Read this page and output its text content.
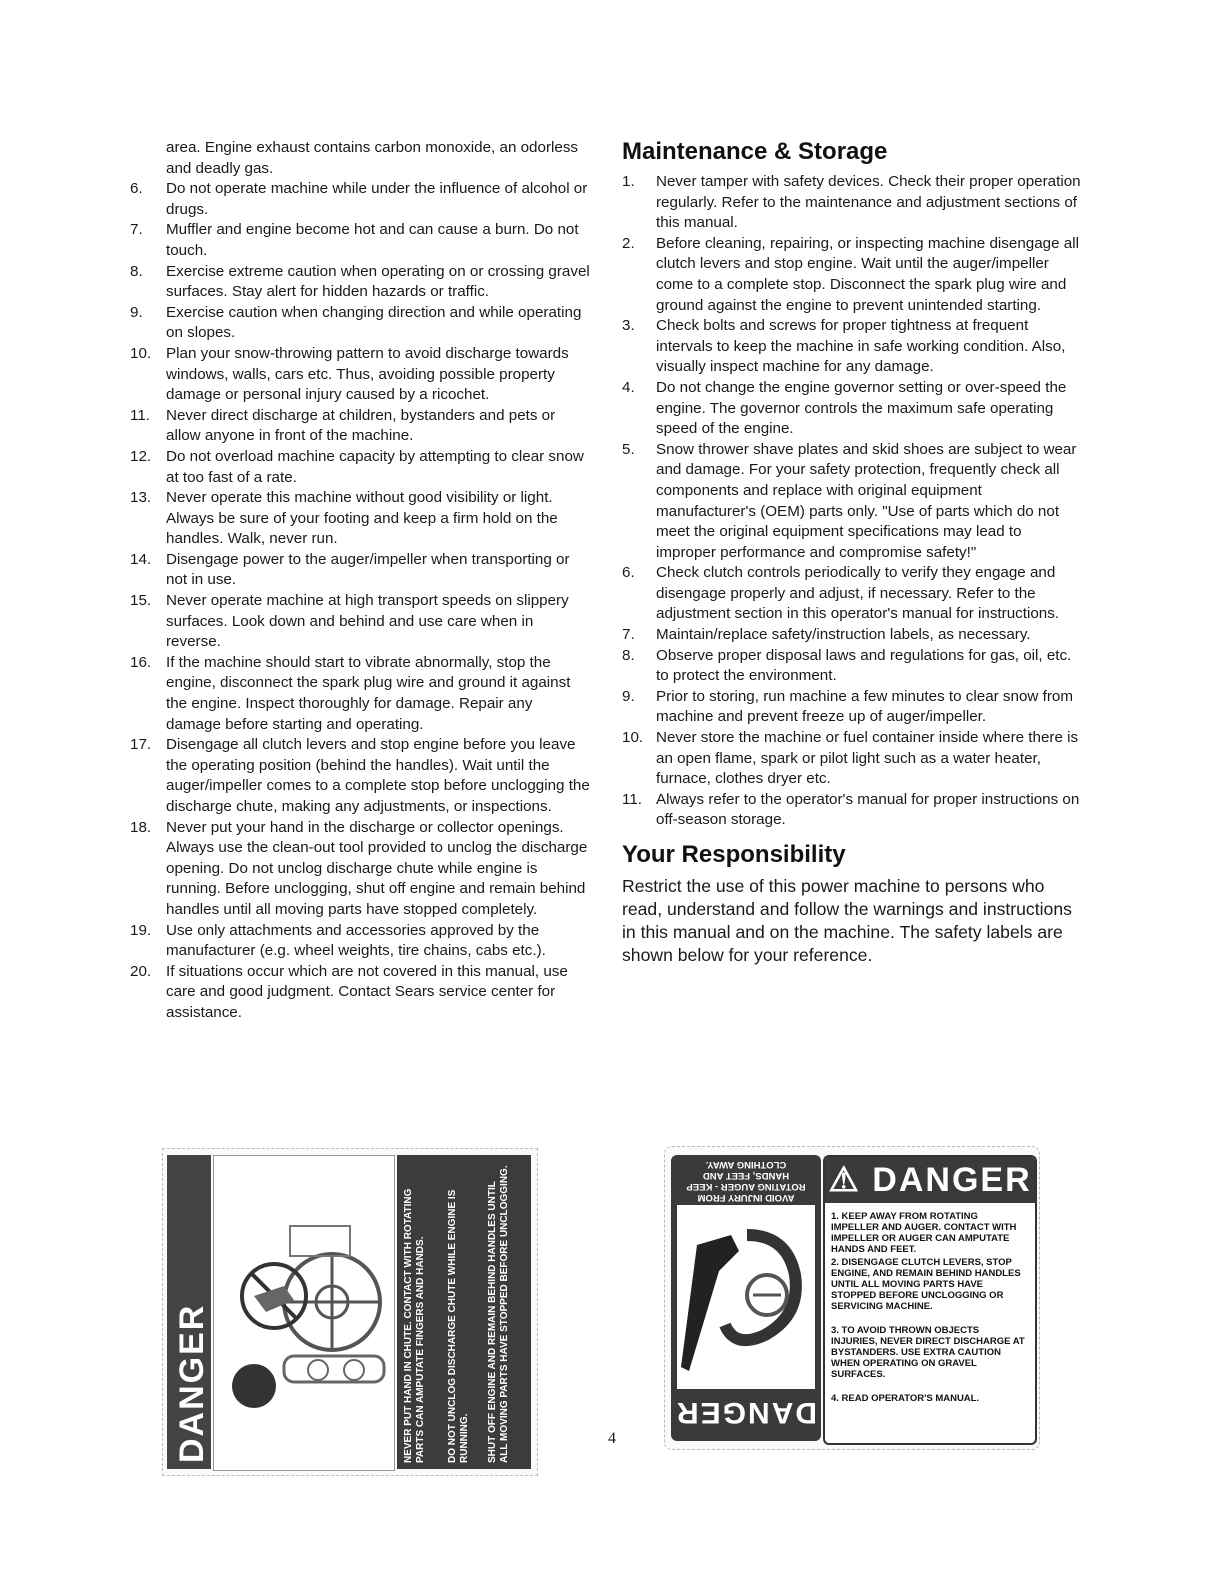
area. Engine exhaust contains carbon monoxide, an odorless and deadly gas.
6.	Do not operate machine while under the influence of alcohol or drugs.
7.	Muffler and engine become hot and can cause a burn. Do not touch.
8.	Exercise extreme caution when operating on or crossing gravel surfaces. Stay alert for hidden hazards or traffic.
9.	Exercise caution when changing direction and while operating on slopes.
10. Plan your snow-throwing pattern to avoid discharge towards windows, walls, cars etc. Thus, avoiding possible property damage or personal injury caused by a ricochet.
11.	Never direct discharge at children, bystanders and pets or allow anyone in front of the machine.
12. Do not overload machine capacity by attempting to clear snow at too fast of a rate.
13. Never operate this machine without good visibility or light. Always be sure of your footing and keep a firm hold on the handles. Walk, never run.
14. Disengage power to the auger/impeller when transporting or not in use.
15. Never operate machine at high transport speeds on slippery surfaces. Look down and behind and use care when in reverse.
16. If the machine should start to vibrate abnormally, stop the engine, disconnect the spark plug wire and ground it against the engine. Inspect thoroughly for damage. Repair any damage before starting and operating.
17. Disengage all clutch levers and stop engine before you leave the operating position (behind the handles). Wait until the auger/impeller comes to a complete stop before unclogging the discharge chute, making any adjustments, or inspections.
18. Never put your hand in the discharge or collector openings. Always use the clean-out tool provided to unclog the discharge opening. Do not unclog discharge chute while engine is running. Before unclogging, shut off engine and remain behind handles until all moving parts have stopped completely.
19. Use only attachments and accessories approved by the manufacturer (e.g. wheel weights, tire chains, cabs etc.).
20. If situations occur which are not covered in this manual, use care and good judgment. Contact Sears service center for assistance.
Maintenance & Storage
1.	Never tamper with safety devices. Check their proper operation regularly. Refer to the maintenance and adjustment sections of this manual.
2.	Before cleaning, repairing, or inspecting machine disengage all clutch levers and stop engine. Wait until the auger/impeller come to a complete stop. Disconnect the spark plug wire and ground against the engine to prevent unintended starting.
3.	Check bolts and screws for proper tightness at frequent intervals to keep the machine in safe working condition. Also, visually inspect machine for any damage.
4.	Do not change the engine governor setting or over-speed the engine. The governor controls the maximum safe operating speed of the engine.
5.	Snow thrower shave plates and skid shoes are subject to wear and damage. For your safety protection, frequently check all components and replace with original equipment manufacturer's (OEM) parts only. "Use of parts which do not meet the original equipment specifications may lead to improper performance and compromise safety!"
6.	Check clutch controls periodically to verify they engage and disengage properly and adjust, if necessary. Refer to the adjustment section in this operator's manual for instructions.
7.	Maintain/replace safety/instruction labels, as necessary.
8.	Observe proper disposal laws and regulations for gas, oil, etc. to protect the environment.
9.	Prior to storing, run machine a few minutes to clear snow from machine and prevent freeze up of auger/impeller.
10. Never store the machine or fuel container inside where there is an open flame, spark or pilot light such as a water heater, furnace, clothes dryer etc.
11. Always refer to the operator's manual for proper instructions on off-season storage.
Your Responsibility

Restrict the use of this power machine to persons who read, understand and follow the warnings and instructions in this manual and on the machine. The safety labels are shown below for your reference.

DANGER	NEVER PUT HAND IN CHUTE. CONTACT WITH ROTATING PARTS CAN AMPUTATE FINGERS AND HANDS. DO NOT UNCLOG DISCHARGE CHUTE WHILE ENGINE IS RUNNING. SHUT OFF ENGINE AND REMAIN BEHIND HANDLES UNTIL ALL MOVING PARTS HAVE STOPPED BEFORE UNCLOGGING.	AVOID INJURY FROM ROTATING AUGER - KEEP HANDS, FEET AND CLOTHING AWAY.
DANGER
⚠ DANGER
1. KEEP AWAY FROM ROTATING IMPELLER AND AUGER. CONTACT WITH IMPELLER OR AUGER CAN AMPUTATE HANDS AND FEET.
2. DISENGAGE CLUTCH LEVERS, STOP ENGINE, AND REMAIN BEHIND HANDLES UNTIL ALL MOVING PARTS HAVE STOPPED BEFORE UNCLOGGING OR SERVICING MACHINE.
3. TO AVOID THROWN OBJECTS INJURIES, NEVER DIRECT DISCHARGE AT BYSTANDERS. USE EXTRA CAUTION WHEN OPERATING ON GRAVEL SURFACES.
4. READ OPERATOR'S MANUAL.
4
